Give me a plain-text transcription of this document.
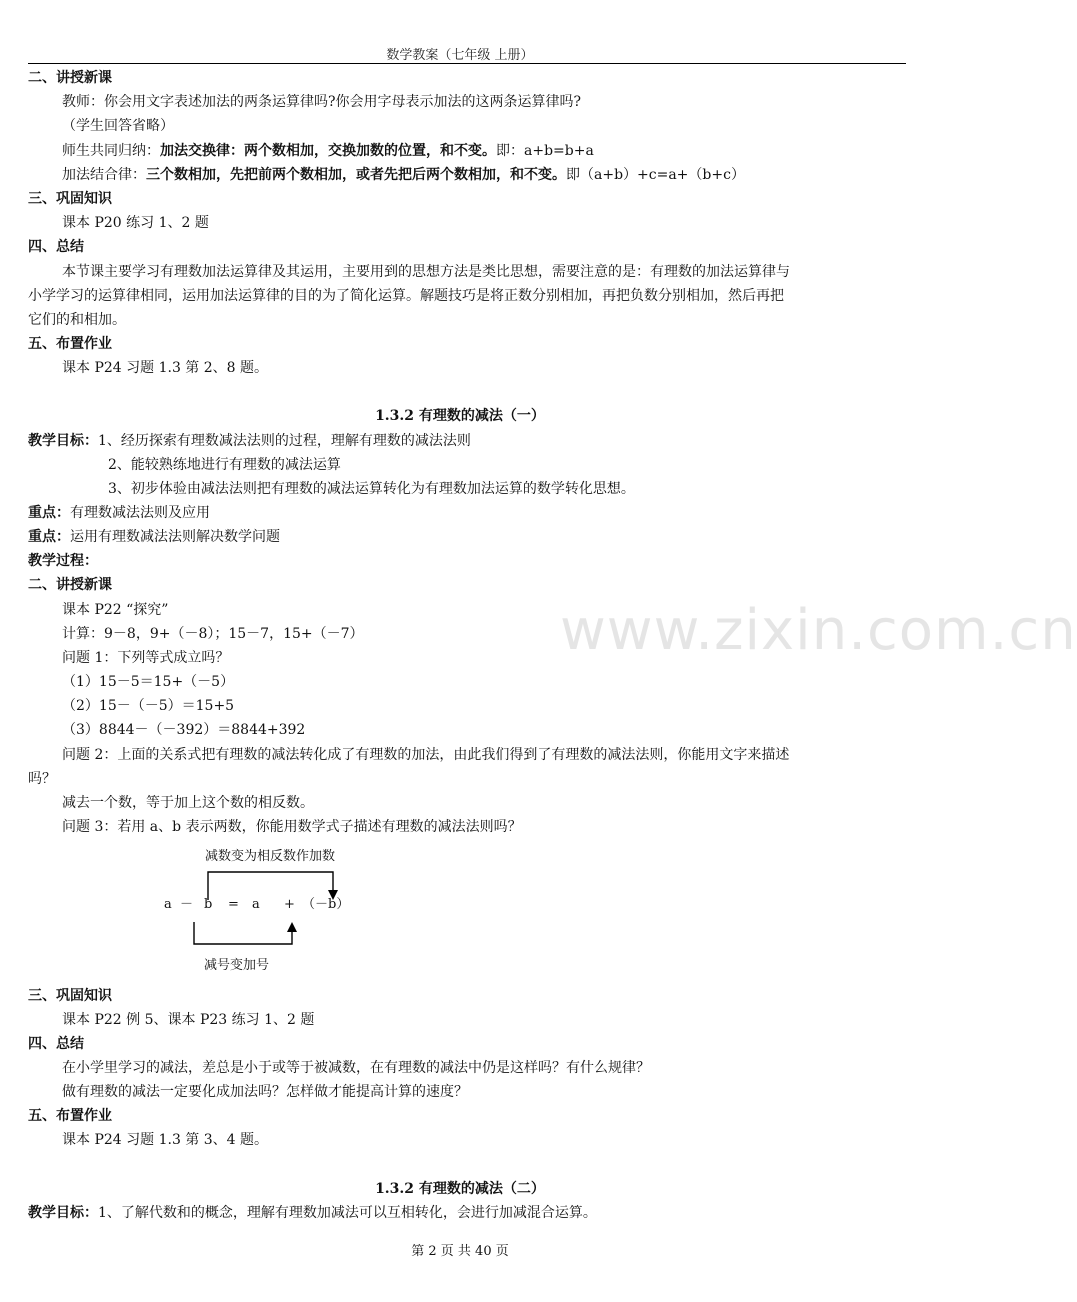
数学教案（七年级 上册）
www.zixin.com.cn
二、讲授新课
教师：你会用文字表述加法的两条运算律吗?你会用字母表示加法的这两条运算律吗?
（学生回答省略）
师生共同归纳：加法交换律：两个数相加，交换加数的位置，和不变。即：a+b=b+a
加法结合律：三个数相加，先把前两个数相加，或者先把后两个数相加，和不变。即（a+b）+c=a+（b+c）
三、巩固知识
课本 P20 练习 1、2 题
四、总结
本节课主要学习有理数加法运算律及其运用，主要用到的思想方法是类比思想，需要注意的是：有理数的加法运算律与
小学学习的运算律相同，运用加法运算律的目的为了简化运算。解题技巧是将正数分别相加，再把负数分别相加，然后再把
它们的和相加。
五、布置作业
课本 P24 习题 1.3 第 2、8 题。
1.3.2 有理数的减法（一）
教学目标：1、经历探索有理数减法法则的过程，理解有理数的减法法则
2、能较熟练地进行有理数的减法运算
3、初步体验由减法法则把有理数的减法运算转化为有理数加法运算的数学转化思想。
重点：有理数减法法则及应用
重点：运用有理数减法法则解决数学问题
教学过程：
二、讲授新课
课本 P22 “探究”
计算：9－8，9+（－8）；15－7，15+（－7）
问题 1：下列等式成立吗？
（1）15－5＝15+（－5）
（2）15－（－5）＝15+5
（3）8844－（－392）＝8844+392
问题 2：上面的关系式把有理数的减法转化成了有理数的加法，由此我们得到了有理数的减法法则，你能用文字来描述
吗？
减去一个数，等于加上这个数的相反数。
问题 3：若用 a、b 表示两数，你能用数学式子描述有理数的减法法则吗？
减数变为相反数作加数
a － b = a + （－b）
减号变加号
三、巩固知识
课本 P22 例 5、课本 P23 练习 1、2 题
四、总结
在小学里学习的减法，差总是小于或等于被减数，在有理数的减法中仍是这样吗？有什么规律？
做有理数的减法一定要化成加法吗？怎样做才能提高计算的速度？
五、布置作业
课本 P24 习题 1.3 第 3、4 题。
1.3.2 有理数的减法（二）
教学目标：1、了解代数和的概念，理解有理数加减法可以互相转化，会进行加减混合运算。
第 2 页 共 40 页
